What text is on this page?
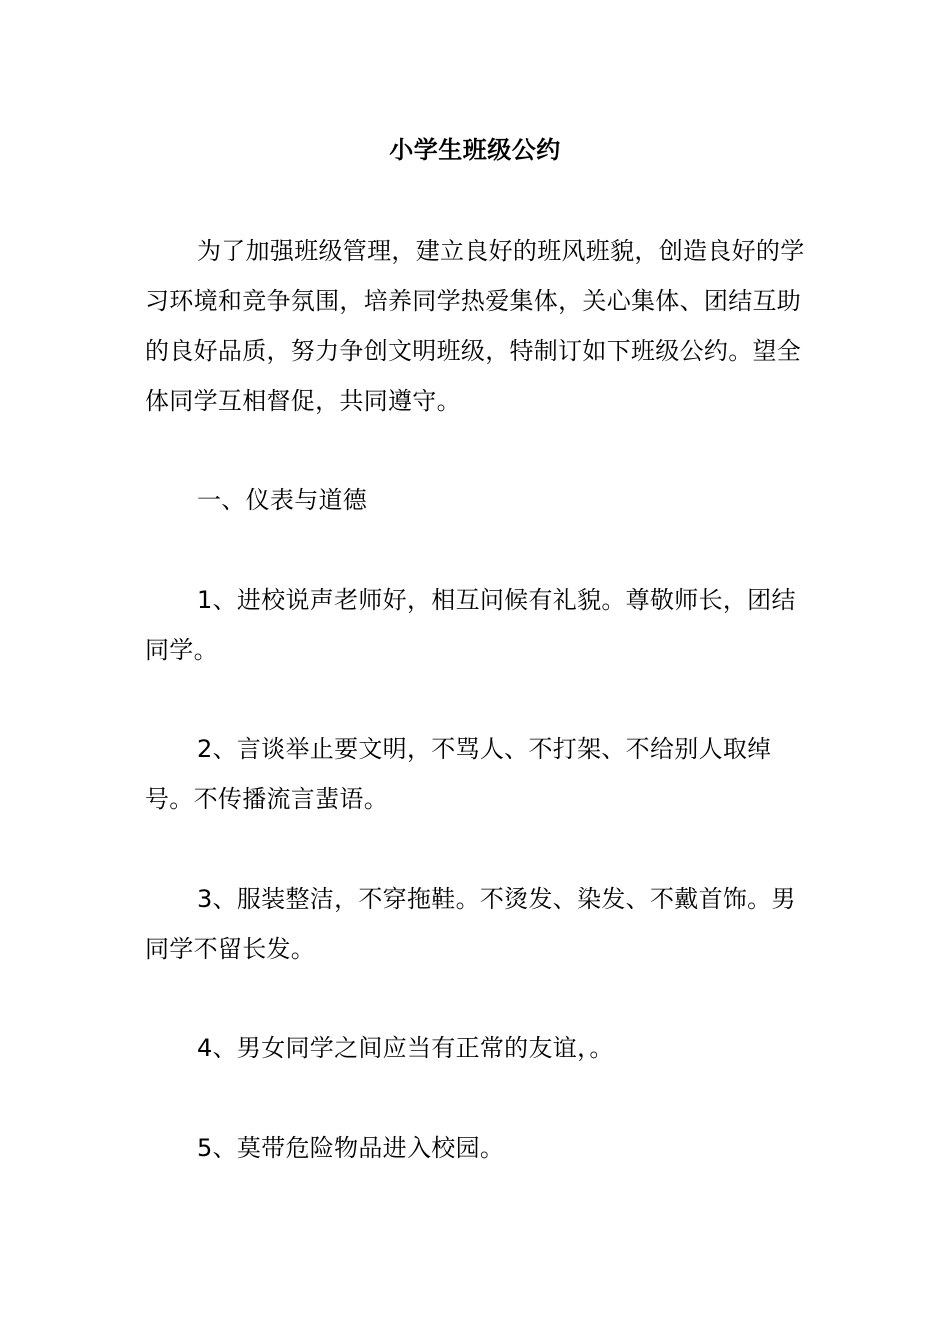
小学生班级公约

为了加强班级管理，建立良好的班风班貌，创造良好的学习环境和竞争氛围，培养同学热爱集体，关心集体、团结互助的良好品质，努力争创文明班级，特制订如下班级公约。望全体同学互相督促，共同遵守。

一、仪表与道德

1、进校说声老师好，相互问候有礼貌。尊敬师长，团结同学。

2、言谈举止要文明，不骂人、不打架、不给别人取绰号。不传播流言蜚语。

3、服装整洁，不穿拖鞋。不烫发、染发、不戴首饰。男同学不留长发。

4、男女同学之间应当有正常的友谊，。

5、莫带危险物品进入校园。
